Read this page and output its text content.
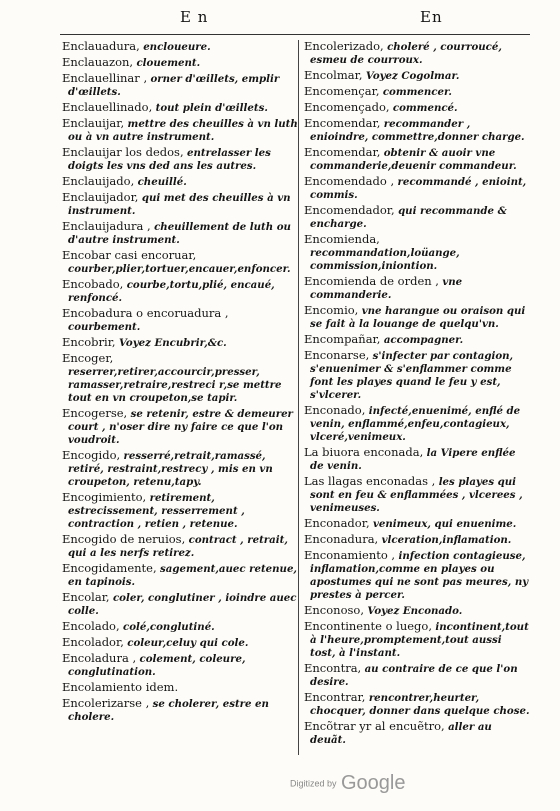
E n	En
Enclauadura, encloueure.
Enclauazon, clouement.
Enclauellinar , orner d'œillets, emplir d'œillets.
Enclauellinado, tout plein d'œillets.
Enclauijar, mettre des cheuilles à vn luth ou à vn autre instrument.
Enclauijar los dedos, entrelasser les doigts les vns ded ans les autres.
Enclauijado, cheuillé.
Enclauijador, qui met des cheuilles à vn instrument.
Enclauijadura , cheuillement de luth ou d'autre instrument.
Encobar casi encoruar, courber,plier,tortuer,encauer,enfoncer.
Encobado, courbe,tortu,plié, encaué, renfoncé.
Encobadura o encoruadura , courbement.
Encobrir, Voyez Encubrir,&c.
Encoger, reserrer,retirer,accourcir,presser, ramasser,retraire,restreci r,se mettre tout en vn croupeton,se tapir.
Encogerse, se retenir, estre & demeurer court , n'oser dire ny faire ce que l'on voudroit.
Encogido, resserré,retrait,ramassé, retiré, restraint,restrecy , mis en vn croupeton, retenu,tapy.
Encogimiento, retirement, estrecissement, resserrement , contraction , retien , retenue.
Encogido de neruios, contract , retrait, qui a les nerfs retirez.
Encogidamente, sagement,auec retenue, en tapinois.
Encolar, coler, conglutiner , ioindre auec colle.
Encolado, colé,conglutiné.
Encolador, coleur,celuy qui cole.
Encoladura , colement, coleure, conglutination.
Encolamiento idem.
Encolerizarse , se cholerer, estre en cholere.
Encolerizado, choleré , courroucé, esmeu de courroux.
Encolmar, Voyez Cogolmar.
Encomençar, commencer.
Encomençado, commencé.
Encomendar, recommander , enioindre, commettre,donner charge.
Encomendar, obtenir & auoir vne commanderie,deuenir commandeur.
Encomendado , recommandé , enioint, commis.
Encomendador, qui recommande & encharge.
Encomienda, recommandation,loüange, commission,iniontion.
Encomienda de orden , vne commanderie.
Encomio, vne harangue ou oraison qui se fait à la louange de quelqu'vn.
Encompañar, accompagner.
Enconarse, s'infecter par contagion, s'enuenimer & s'enflammer comme font les playes quand le feu y est, s'vlcerer.
Enconado, infecté,enuenimé, enflé de venin, enflammé,enfeu,contagieux, vlceré,venimeux.
La biuora enconada, la Vipere enflée de venin.
Las llagas enconadas , les playes qui sont en feu & enflammées , vlcerees , venimeuses.
Enconador, venimeux, qui enuenime.
Enconadura, vlceration,inflamation.
Enconamiento , infection contagieuse, inflamation,comme en playes ou apostumes qui ne sont pas meures, ny prestes à percer.
Enconoso, Voyez Enconado.
Encontinente o luego, incontinent,tout à l'heure,promptement,tout aussi tost, à l'instant.
Encontra, au contraire de ce que l'on desire.
Encontrar, rencontrer,heurter, chocquer, donner dans quelque chose.
Encõtrar yr al encuẽtro, aller au deuãt.
Digitized by Google
